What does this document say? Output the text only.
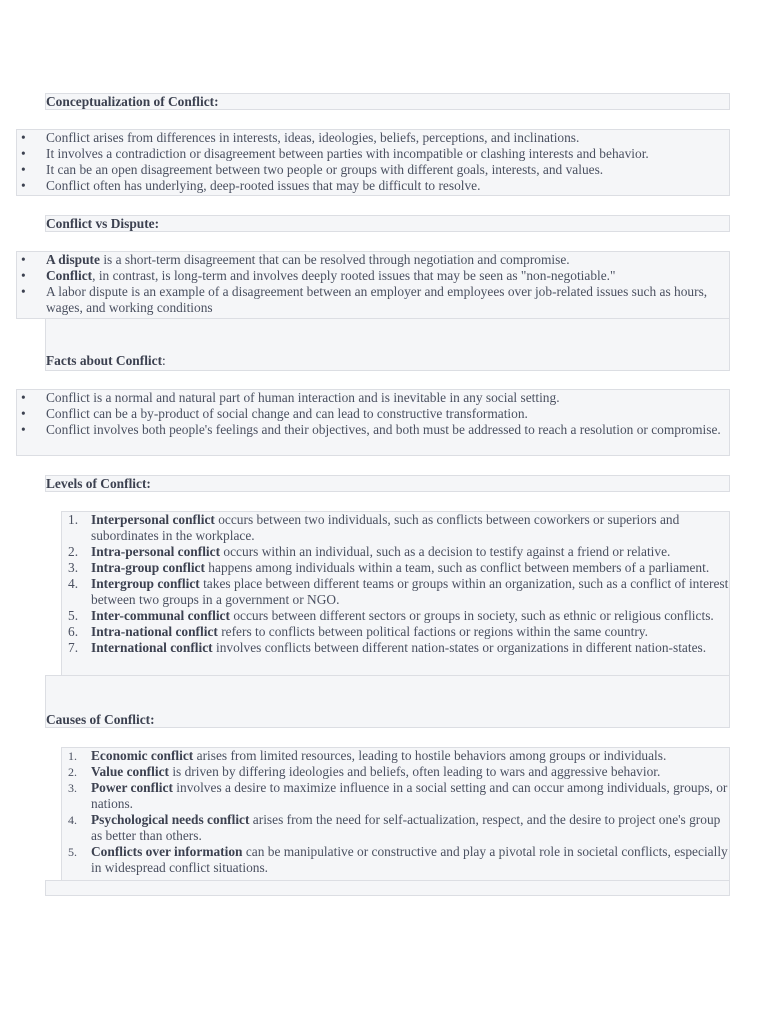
Conceptualization of Conflict:
• Conflict arises from differences in interests, ideas, ideologies, beliefs, perceptions, and inclinations.
• It involves a contradiction or disagreement between parties with incompatible or clashing interests and behavior.
• It can be an open disagreement between two people or groups with different goals, interests, and values.
• Conflict often has underlying, deep-rooted issues that may be difficult to resolve.
Conflict vs Dispute:
• A dispute is a short-term disagreement that can be resolved through negotiation and compromise.
• Conflict, in contrast, is long-term and involves deeply rooted issues that may be seen as "non-negotiable."
• A labor dispute is an example of a disagreement between an employer and employees over job-related issues such as hours, wages, and working conditions
Facts about Conflict:
• Conflict is a normal and natural part of human interaction and is inevitable in any social setting.
• Conflict can be a by-product of social change and can lead to constructive transformation.
• Conflict involves both people's feelings and their objectives, and both must be addressed to reach a resolution or compromise.
Levels of Conflict:
1. Interpersonal conflict occurs between two individuals, such as conflicts between coworkers or superiors and subordinates in the workplace.
2. Intra-personal conflict occurs within an individual, such as a decision to testify against a friend or relative.
3. Intra-group conflict happens among individuals within a team, such as conflict between members of a parliament.
4. Intergroup conflict takes place between different teams or groups within an organization, such as a conflict of interest between two groups in a government or NGO.
5. Inter-communal conflict occurs between different sectors or groups in society, such as ethnic or religious conflicts.
6. Intra-national conflict refers to conflicts between political factions or regions within the same country.
7. International conflict involves conflicts between different nation-states or organizations in different nation-states.
Causes of Conflict:
1. Economic conflict arises from limited resources, leading to hostile behaviors among groups or individuals.
2. Value conflict is driven by differing ideologies and beliefs, often leading to wars and aggressive behavior.
3. Power conflict involves a desire to maximize influence in a social setting and can occur among individuals, groups, or nations.
4. Psychological needs conflict arises from the need for self-actualization, respect, and the desire to project one's group as better than others.
5. Conflicts over information can be manipulative or constructive and play a pivotal role in societal conflicts, especially in widespread conflict situations.
